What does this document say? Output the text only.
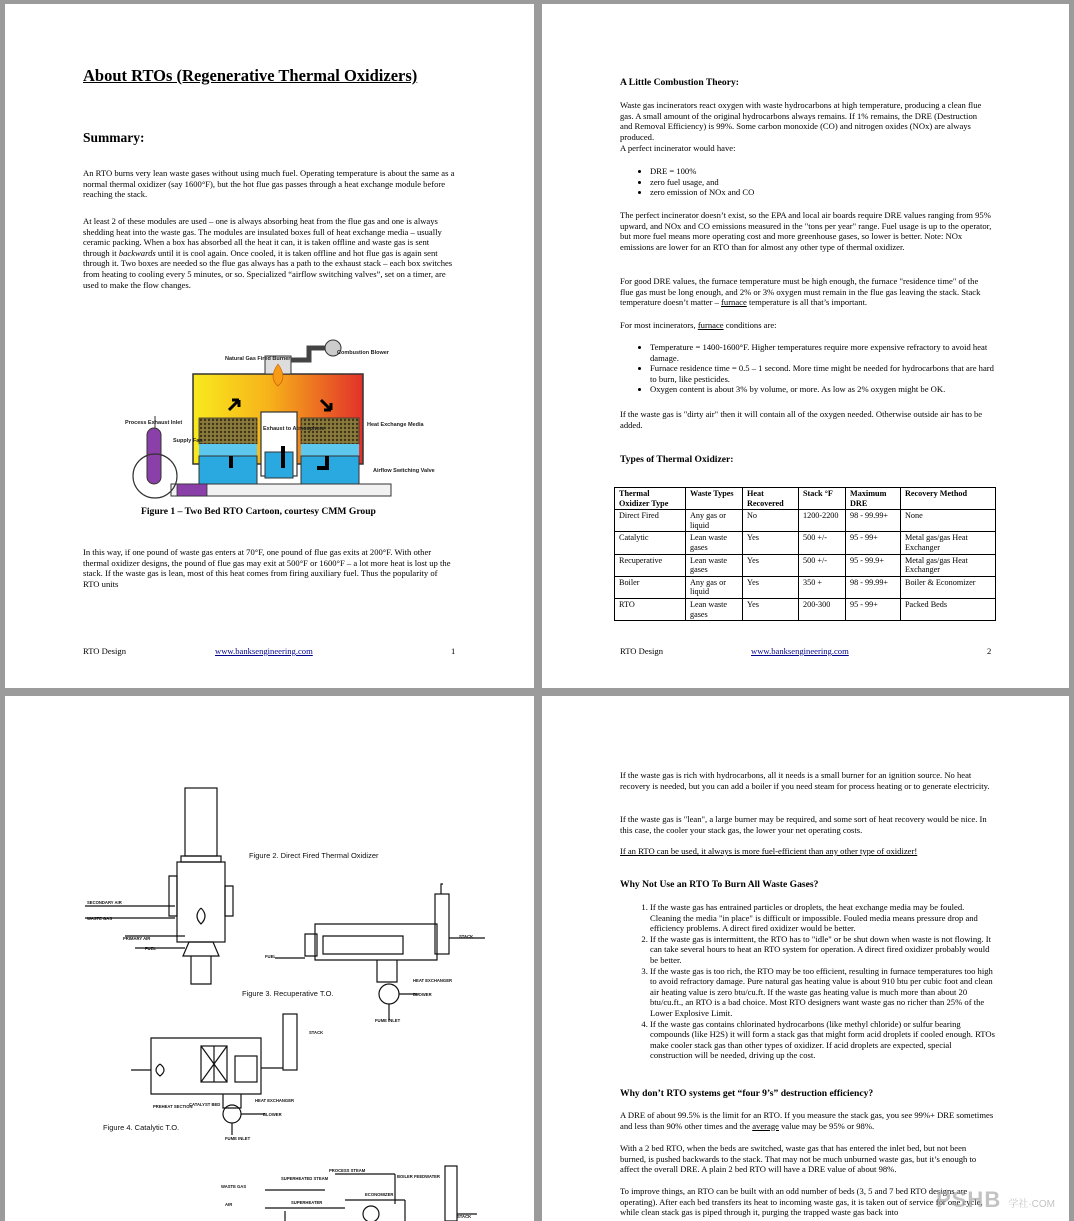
About RTOs (Regenerative Thermal Oxidizers)
Summary:
An RTO burns very lean waste gases without using much fuel. Operating temperature is about the same as a normal thermal oxidizer (say 1600°F), but the hot flue gas passes through a heat exchange module before reaching the stack.
At least 2 of these modules are used – one is always absorbing heat from the flue gas and one is always shedding heat into the waste gas. The modules are insulated boxes full of heat exchange media – usually ceramic packing. When a box has absorbed all the heat it can, it is taken offline and waste gas is sent through it backwards until it is cool again. Once cooled, it is taken offline and hot flue gas is again sent through it. Two boxes are needed so the flue gas always has a path to the exhaust stack – each box switches from heating to cooling every 5 minutes, or so. Specialized “airflow switching valves”, set on a timer, are used to make the flow changes.
Natural Gas Fired Burner
Combustion Blower
Process Exhaust Inlet
Supply Fan
Exhaust to Atmosphere
Heat Exchange Media
Airflow Switching Valve
Figure 1 – Two Bed RTO Cartoon, courtesy CMM Group
In this way, if one pound of waste gas enters at 70°F, one pound of flue gas exits at 200°F. With other thermal oxidizer designs, the pound of flue gas may exit at 500°F or 1600°F – a lot more heat is lost up the stack. If the waste gas is lean, most of this heat comes from firing auxiliary fuel. Thus the popularity of RTO units
RTO Design	www.banksengineering.com	1
A Little Combustion Theory:
Waste gas incinerators react oxygen with waste hydrocarbons at high temperature, producing a clean flue gas. A small amount of the original hydrocarbons always remains. If 1% remains, the DRE (Destruction and Removal Efficiency) is 99%. Some carbon monoxide (CO) and nitrogen oxides (NOx) are always produced.
A perfect incinerator would have:
• DRE = 100%
• zero fuel usage, and
• zero emission of NOx and CO
The perfect incinerator doesn’t exist, so the EPA and local air boards require DRE values ranging from 95% upward, and NOx and CO emissions measured in the "tons per year" range. Fuel usage is up to the operator, but more fuel means more operating cost and more greenhouse gases, so lower is better. Note: NOx emissions are lower for an RTO than for almost any other type of thermal oxidizer.
For good DRE values, the furnace temperature must be high enough, the furnace "residence time" of the flue gas must be long enough, and 2% or 3% oxygen must remain in the flue gas leaving the stack. Stack temperature doesn’t matter – furnace temperature is all that’s important.
For most incinerators, furnace conditions are:
• Temperature = 1400-1600°F. Higher temperatures require more expensive refractory to avoid heat damage.
• Furnace residence time = 0.5 – 1 second. More time might be needed for hydrocarbons that are hard to burn, like pesticides.
• Oxygen content is about 3% by volume, or more. As low as 2% oxygen might be OK.
If the waste gas is "dirty air" then it will contain all of the oxygen needed. Otherwise outside air has to be added.
Types of Thermal Oxidizer:
Thermal Oxidizer Type	Waste Types	Heat Recovered	Stack °F	Maximum DRE	Recovery Method
Direct Fired	Any gas or liquid	No	1200-2200	98 - 99.99+	None
Catalytic	Lean waste gases	Yes	500 +/-	95 - 99+	Metal gas/gas Heat Exchanger
Recuperative	Lean waste gases	Yes	500 +/-	95 - 99.9+	Metal gas/gas Heat Exchanger
Boiler	Any gas or liquid	Yes	350 +	98 - 99.99+	Boiler & Economizer
RTO	Lean waste gases	Yes	200-300	95 - 99+	Packed Beds
RTO Design	www.banksengineering.com	2
Figure 2. Direct Fired Thermal Oxidizer
Figure 3. Recuperative T.O.
Figure 4. Catalytic T.O.
SECONDARY AIR
WASTE GAS
PRIMARY AIR
FUEL
FUEL
STACK
HEAT EXCHANGER
BLOWER
FUME INLET
PREHEAT SECTION
CATALYST BED
HEAT EXCHANGER
BLOWER
FUME INLET
STACK
PROCESS STEAM
SUPERHEATED STEAM	BOILER FEEDWATER
ECONOMIZER
WASTE GAS
SUPERHEATER
AIR
STACK
If the waste gas is rich with hydrocarbons, all it needs is a small burner for an ignition source. No heat recovery is needed, but you can add a boiler if you need steam for process heating or to generate electricity.
If the waste gas is "lean", a large burner may be required, and some sort of heat recovery would be nice. In this case, the cooler your stack gas, the lower your net operating costs.
If an RTO can be used, it always is more fuel-efficient than any other type of oxidizer!
Why Not Use an RTO To Burn All Waste Gases?
1. If the waste gas has entrained particles or droplets, the heat exchange media may be fouled. Cleaning the media "in place" is difficult or impossible. Fouled media means pressure drop and efficiency problems. A direct fired oxidizer would be better.
2. If the waste gas is intermittent, the RTO has to "idle" or be shut down when waste is not flowing. It can take several hours to heat an RTO system for operation. A direct fired oxidizer probably would be better.
3. If the waste gas is too rich, the RTO may be too efficient, resulting in furnace temperatures too high to avoid refractory damage. Pure natural gas heating value is about 910 btu per cubic foot and clean air heating value is zero btu/cu.ft. If the waste gas heating value is much more than about 20 btu/cu.ft., an RTO is a bad choice. Most RTO designers want waste gas no richer than 25% of the Lower Explosive Limit.
4. If the waste gas contains chlorinated hydrocarbons (like methyl chloride) or sulfur bearing compounds (like H2S) it will form a stack gas that might form acid droplets if cooled enough. RTOs make cooler stack gas than other types of oxidizer. If acid droplets are expected, special construction will be needed, driving up the cost.
Why don’t RTO systems get “four 9’s” destruction efficiency?
A DRE of about 99.5% is the limit for an RTO. If you measure the stack gas, you see 99%+ DRE sometimes and less than 90% other times and the average value may be 95% or 98%.
With a 2 bed RTO, when the beds are switched, waste gas that has entered the inlet bed, but not been burned, is pushed backwards to the stack. That may not be much unburned waste gas, but it’s enough to affect the overall DRE. A plain 2 bed RTO will have a DRE value of about 98%.
To improve things, an RTO can be built with an odd number of beds (3, 5 and 7 bed RTO designs are operating). After each bed transfers its heat to incoming waste gas, it is taken out of service for one cycle, while clean stack gas is piped through it, purging the trapped waste gas back into
PSHB 学社·COM
